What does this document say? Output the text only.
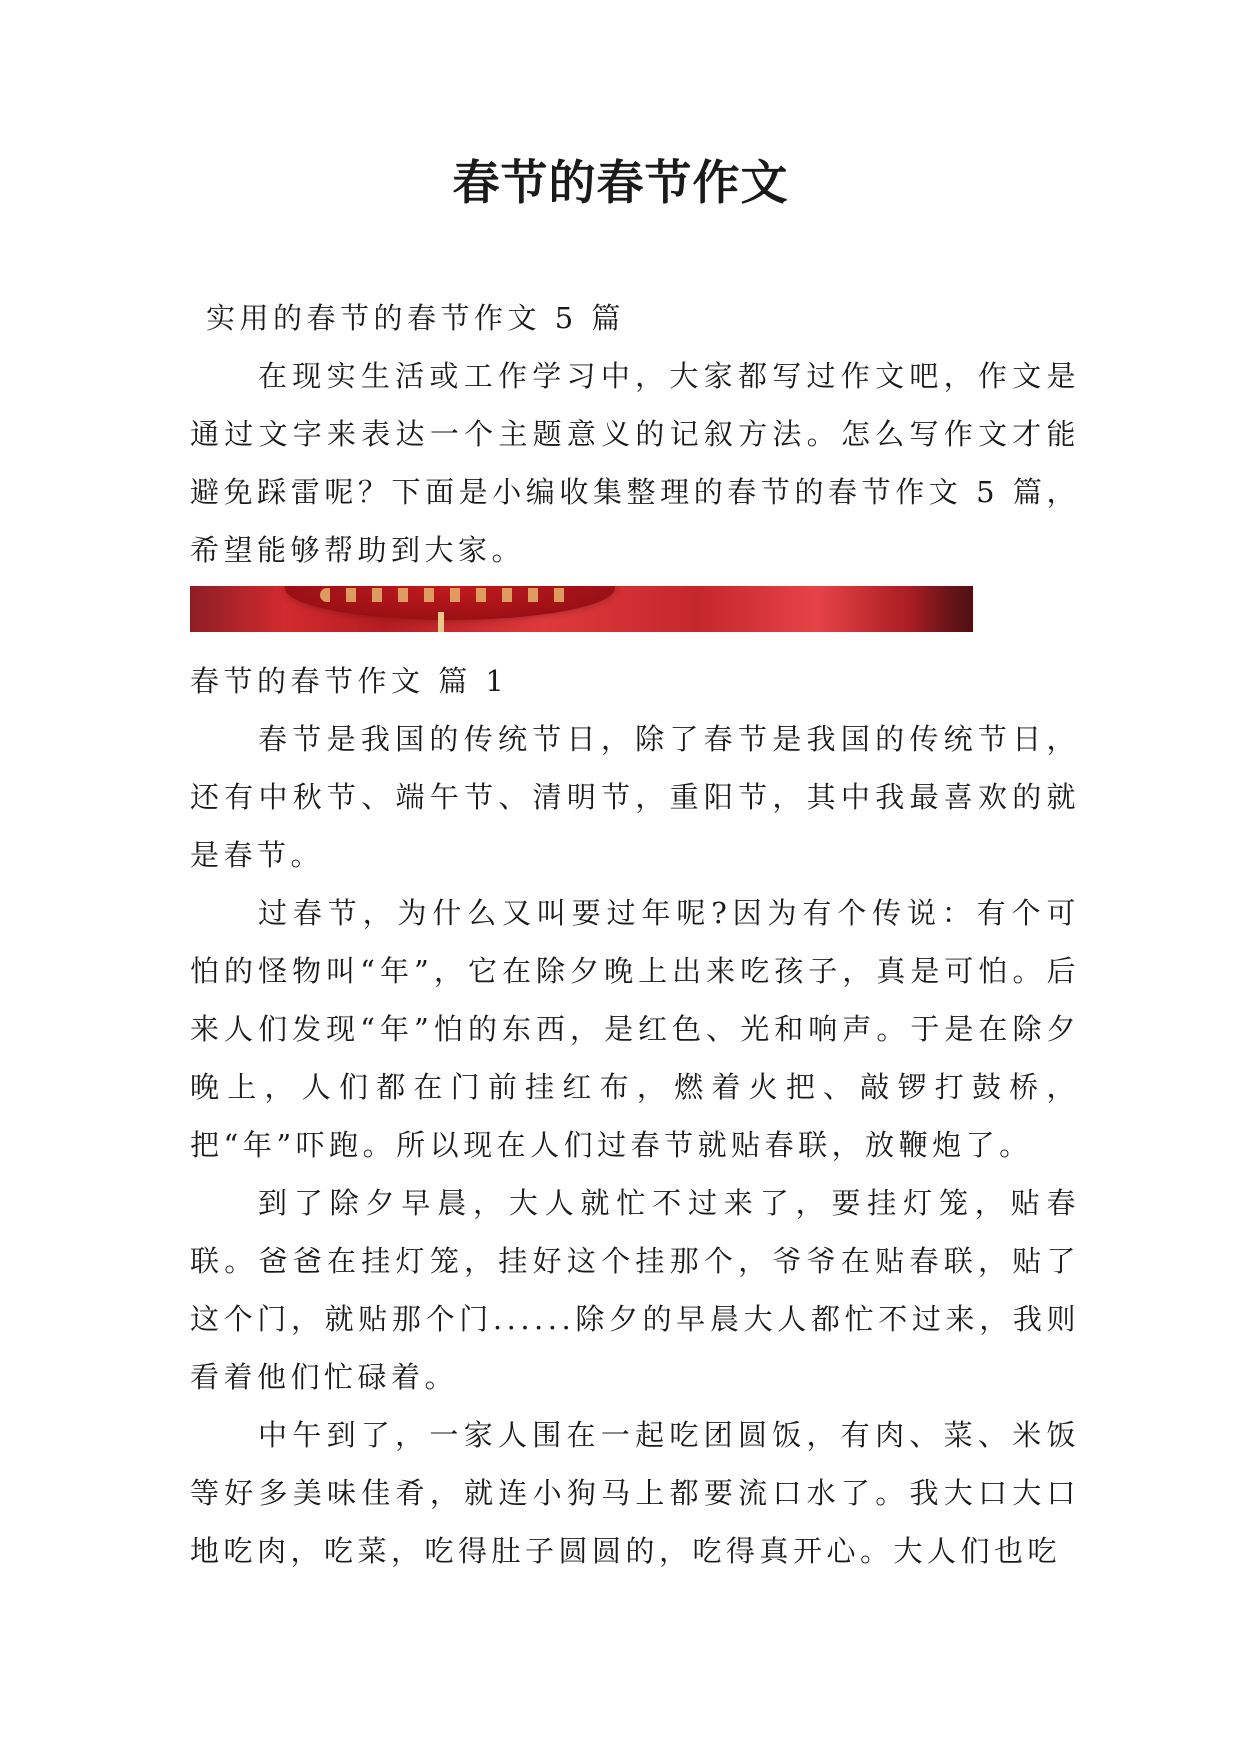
春节的春节作文

实用的春节的春节作文 5 篇

在现实生活或工作学习中，大家都写过作文吧，作文是通过文字来表达一个主题意义的记叙方法。怎么写作文才能避免踩雷呢？下面是小编收集整理的春节的春节作文 5 篇，希望能够帮助到大家。

春节的春节作文 篇 1

春节是我国的传统节日，除了春节是我国的传统节日，还有中秋节、端午节、清明节，重阳节，其中我最喜欢的就是春节。

过春节，为什么又叫要过年呢?因为有个传说：有个可怕的怪物叫“年”，它在除夕晚上出来吃孩子，真是可怕。后来人们发现“年”怕的东西，是红色、光和响声。于是在除夕晚上，人们都在门前挂红布，燃着火把、敲锣打鼓桥，把“年”吓跑。所以现在人们过春节就贴春联，放鞭炮了。

到了除夕早晨，大人就忙不过来了，要挂灯笼，贴春联。爸爸在挂灯笼，挂好这个挂那个，爷爷在贴春联，贴了这个门，就贴那个门......除夕的早晨大人都忙不过来，我则看着他们忙碌着。

中午到了，一家人围在一起吃团圆饭，有肉、菜、米饭等好多美味佳肴，就连小狗马上都要流口水了。我大口大口地吃肉，吃菜，吃得肚子圆圆的，吃得真开心。大人们也吃
